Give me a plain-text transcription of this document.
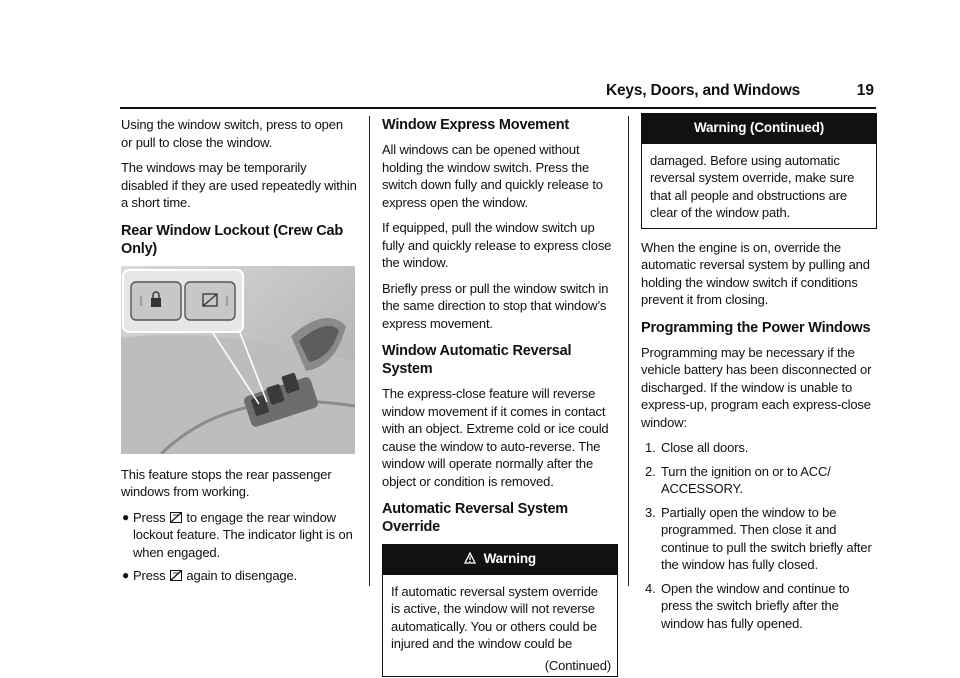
Keys, Doors, and Windows	19

Using the window switch, press to open or pull to close the window.

The windows may be temporarily disabled if they are used repeatedly within a short time.

Rear Window Lockout (Crew Cab Only)

This feature stops the rear passenger windows from working.

● Press to engage the rear window lockout feature. The indicator light is on when engaged.
● Press again to disengage.
Window Express Movement

All windows can be opened without holding the window switch. Press the switch down fully and quickly release to express open the window.

If equipped, pull the window switch up fully and quickly release to express close the window.

Briefly press or pull the window switch in the same direction to stop that window’s express movement.

Window Automatic Reversal System

The express-close feature will reverse window movement if it comes in contact with an object. Extreme cold or ice could cause the window to auto-reverse. The window will operate normally after the object or condition is removed.

Automatic Reversal System Override
Warning
If automatic reversal system override is active, the window will not reverse automatically. You or others could be injured and the window could be
(Continued)
Warning (Continued)
damaged. Before using automatic reversal system override, make sure that all people and obstructions are clear of the window path.

When the engine is on, override the automatic reversal system by pulling and holding the window switch if conditions prevent it from closing.

Programming the Power Windows

Programming may be necessary if the vehicle battery has been disconnected or discharged. If the window is unable to express-up, program each express-close window:

1. Close all doors.
2. Turn the ignition on or to ACC/ ACCESSORY.
3. Partially open the window to be programmed. Then close it and continue to pull the switch briefly after the window has fully closed.
4. Open the window and continue to press the switch briefly after the window has fully opened.
